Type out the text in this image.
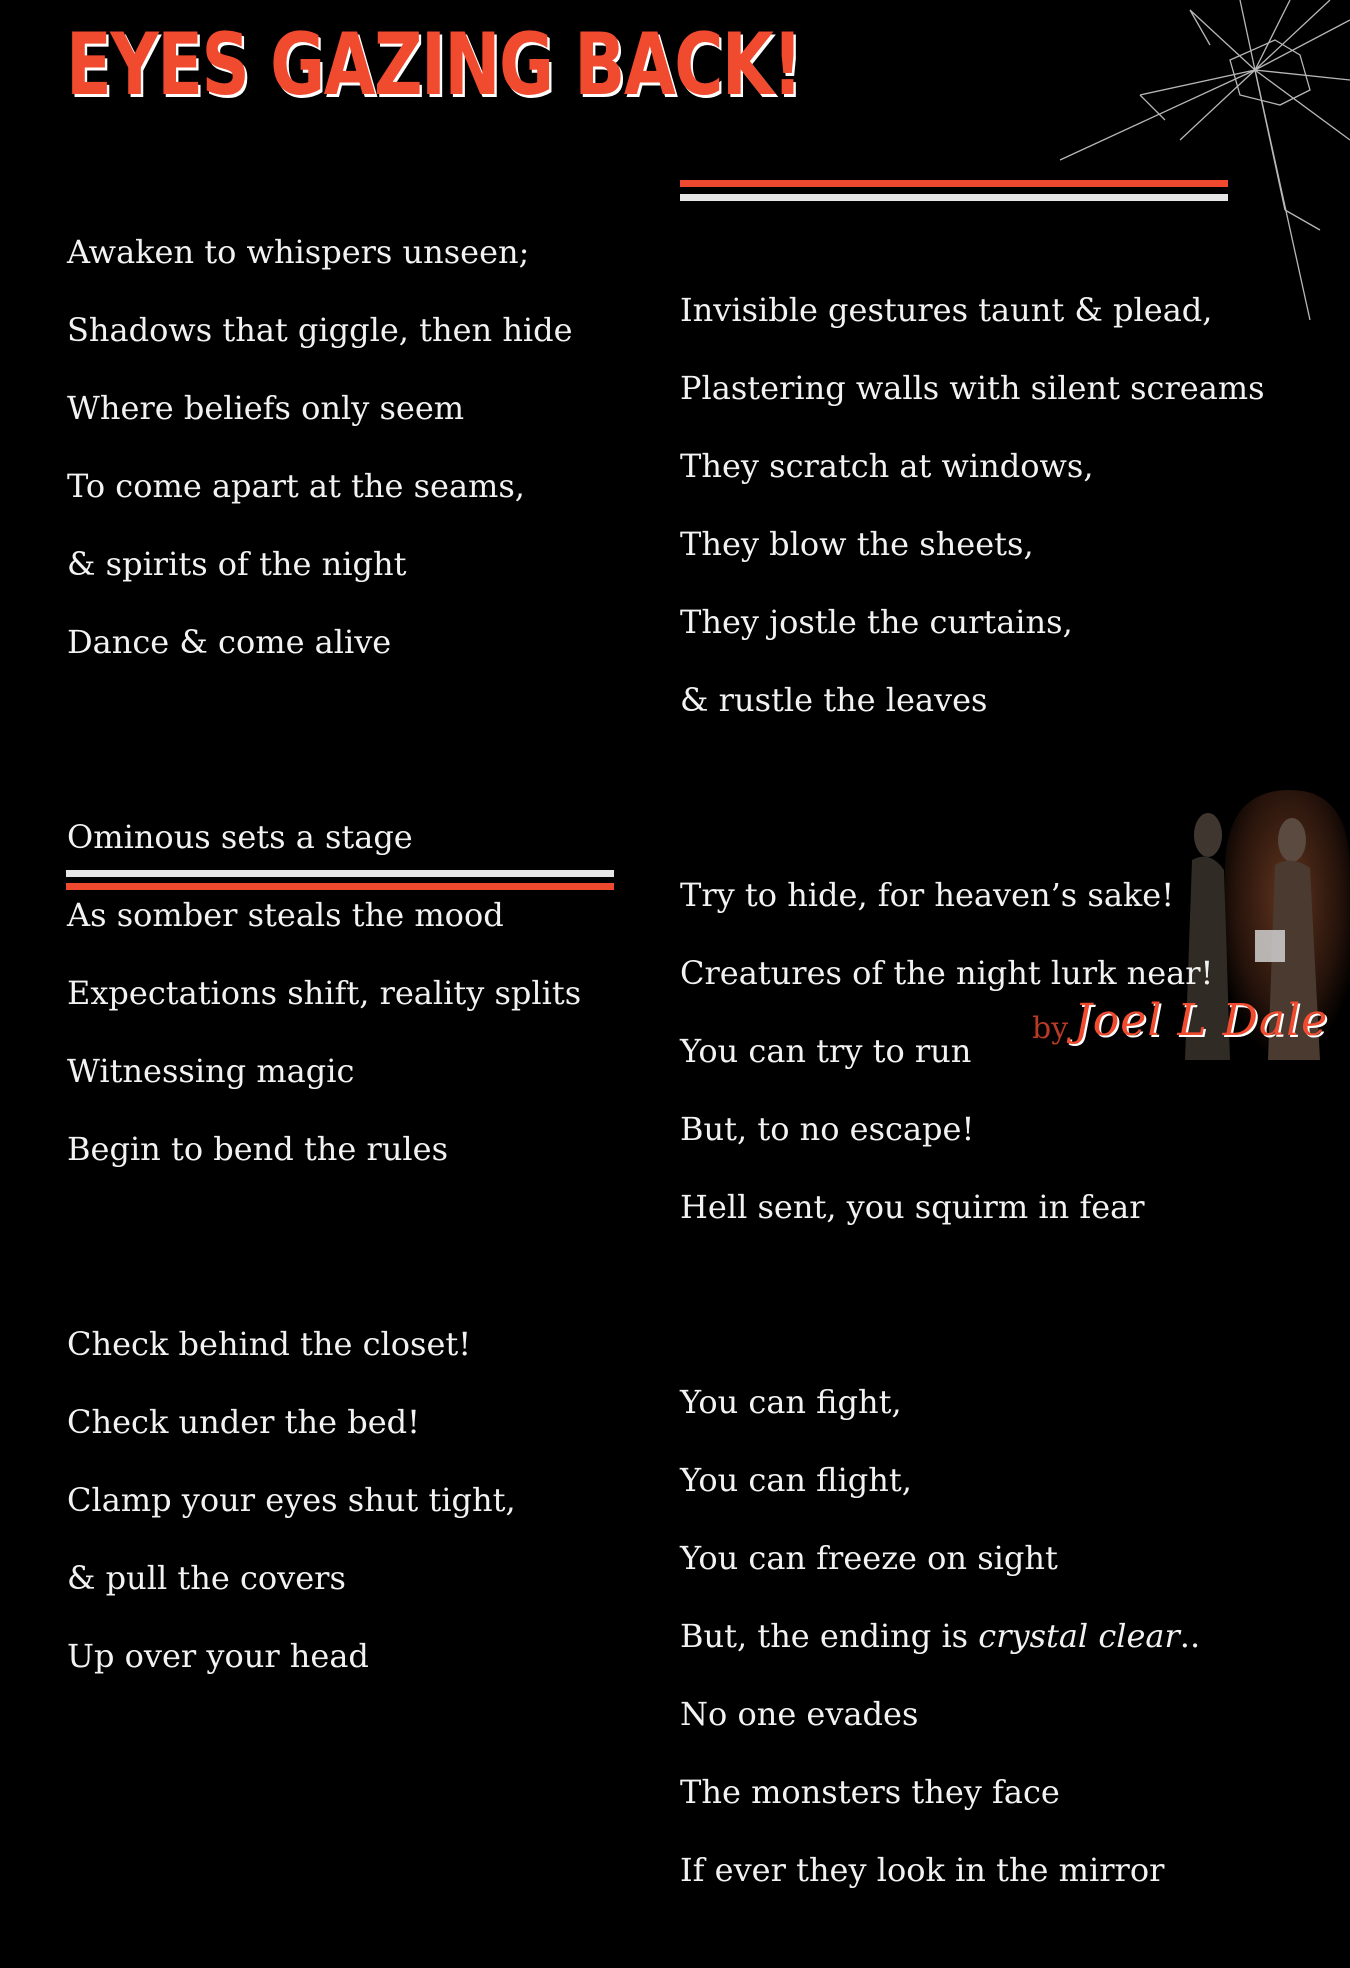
EYES GAZING BACK!

Awaken to whispers unseen;

Shadows that giggle, then hide

Where beliefs only seem

To come apart at the seams,

& spirits of the night

Dance & come alive

Ominous sets a stage

As somber steals the mood

Expectations shift, reality splits

Witnessing magic

Begin to bend the rules

Check behind the closet!

Check under the bed!

Clamp your eyes shut tight,

& pull the covers

Up over your head

Invisible gestures taunt & plead,

Plastering walls with silent screams

They scratch at windows,

They blow the sheets,

They jostle the curtains,

& rustle the leaves

Try to hide, for heaven’s sake!

Creatures of the night lurk near!

You can try to run

But, to no escape!

Hell sent, you squirm in fear

You can fight,

You can flight,

You can freeze on sight

But, the ending is crystal clear..

No one evades

The monsters they face

If ever they look in the mirror

by Joel L Dale
